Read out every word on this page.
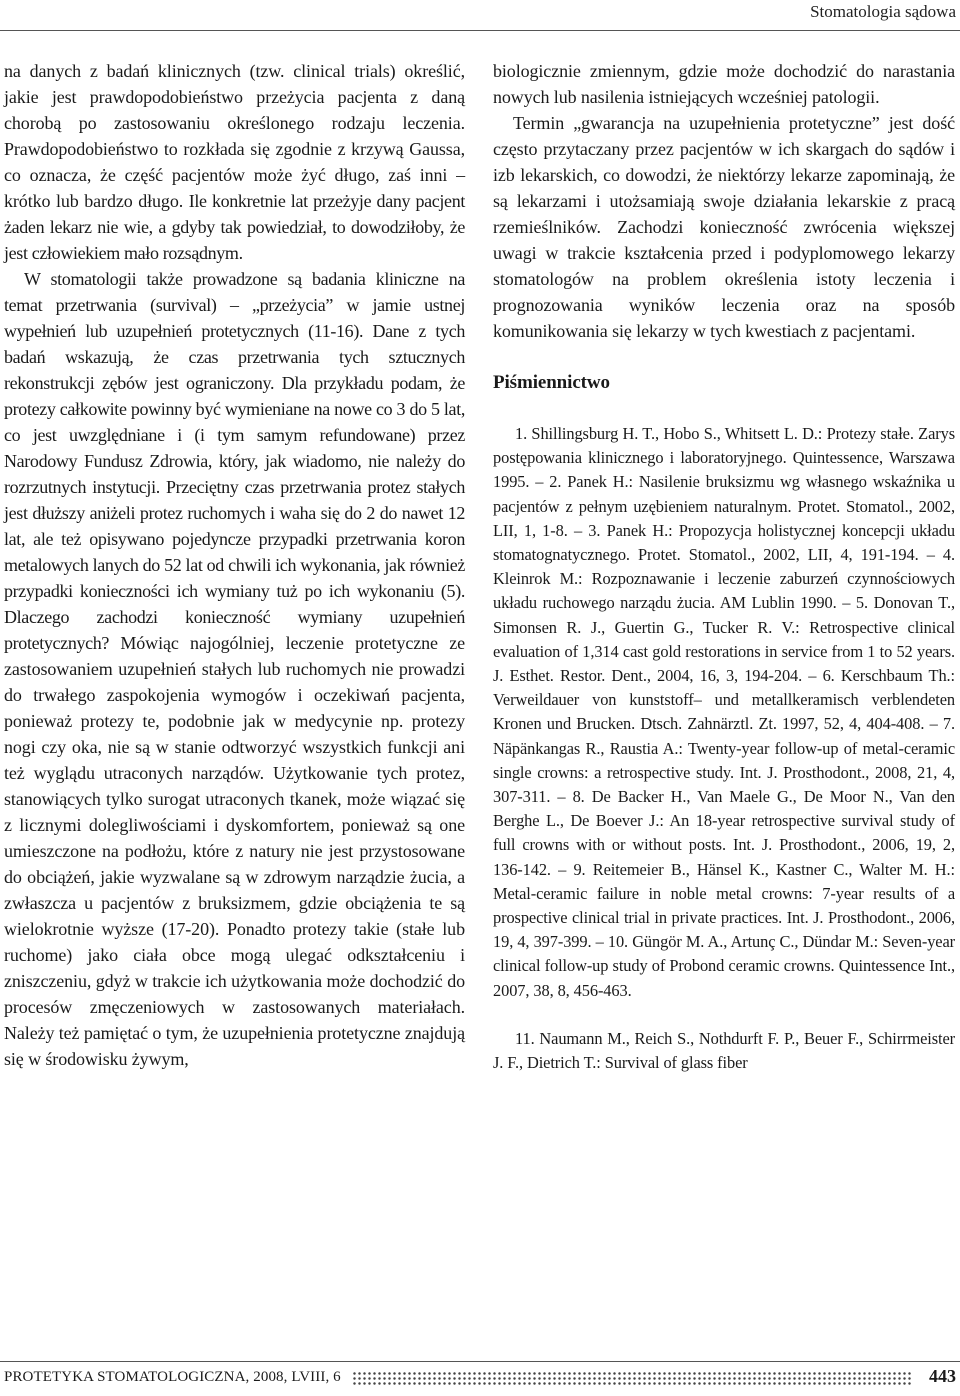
Stomatologia sądowa

na danych z badań klinicznych (tzw. clinical trials) określić, jakie jest prawdopodobieństwo przeżycia pacjenta z daną chorobą po zastosowaniu określonego rodzaju leczenia. Prawdopodobieństwo to rozkłada się zgodnie z krzywą Gaussa, co oznacza, że część pacjentów może żyć długo, zaś inni – krótko lub bardzo długo. Ile konkretnie lat przeżyje dany pacjent żaden lekarz nie wie, a gdyby tak powiedział, to dowodziłoby, że jest człowiekiem mało rozsądnym.

W stomatologii także prowadzone są badania kliniczne na temat przetrwania (survival) – „przeżycia” w jamie ustnej wypełnień lub uzupełnień protetycznych (11-16). Dane z tych badań wskazują, że czas przetrwania tych sztucznych rekonstrukcji zębów jest ograniczony. Dla przykładu podam, że protezy całkowite powinny być wymieniane na nowe co 3 do 5 lat, co jest uwzględniane i (i tym samym refundowane) przez Narodowy Fundusz Zdrowia, który, jak wiadomo, nie należy do rozrzutnych instytucji. Przeciętny czas przetrwania protez stałych jest dłuższy aniżeli protez ruchomych i waha się do 2 do nawet 12 lat, ale też opisywano pojedyncze przypadki przetrwania koron metalowych lanych do 52 lat od chwili ich wykonania, jak również przypadki konieczności ich wymiany tuż po ich wykonaniu (5). Dlaczego zachodzi konieczność wymiany uzupełnień protetycznych? Mówiąc najogólniej, leczenie protetyczne ze zastosowaniem uzupełnień stałych lub ruchomych nie prowadzi do trwałego zaspokojenia wymogów i oczekiwań pacjenta, ponieważ protezy te, podobnie jak w medycynie np. protezy nogi czy oka, nie są w stanie odtworzyć wszystkich funkcji ani też wyglądu utraconych narządów. Użytkowanie tych protez, stanowiących tylko surogat utraconych tkanek, może wiązać się z licznymi dolegliwościami i dyskomfortem, ponieważ są one umieszczone na podłożu, które z natury nie jest przystosowane do obciążeń, jakie wyzwalane są w zdrowym narządzie żucia, a zwłaszcza u pacjentów z bruksizmem, gdzie obciążenia te są wielokrotnie wyższe (17-20). Ponadto protezy takie (stałe lub ruchome) jako ciała obce mogą ulegać odkształceniu i zniszczeniu, gdyż w trakcie ich użytkowania może dochodzić do procesów zmęczeniowych w zastosowanych materiałach. Należy też pamiętać o tym, że uzupełnienia protetyczne znajdują się w środowisku żywym,

biologicznie zmiennym, gdzie może dochodzić do narastania nowych lub nasilenia istniejących wcześniej patologii.

Termin „gwarancja na uzupełnienia protetyczne” jest dość często przytaczany przez pacjentów w ich skargach do sądów i izb lekarskich, co dowodzi, że niektórzy lekarze zapominają, że są lekarzami i utożsamiają swoje działania lekarskie z pracą rzemieślników. Zachodzi konieczność zwrócenia większej uwagi w trakcie kształcenia przed i podyplomowego lekarzy stomatologów na problem określenia istoty leczenia i prognozowania wyników leczenia oraz na sposób komunikowania się lekarzy w tych kwestiach z pacjentami.

Piśmiennictwo

1. Shillingsburg H. T., Hobo S., Whitsett L. D.: Protezy stałe. Zarys postępowania klinicznego i laboratoryjnego. Quintessence, Warszawa 1995. – 2. Panek H.: Nasilenie bruksizmu wg własnego wskaźnika u pacjentów z pełnym uzębieniem naturalnym. Protet. Stomatol., 2002, LII, 1, 1-8. – 3. Panek H.: Propozycja holistycznej koncepcji układu stomatognatycznego. Protet. Stomatol., 2002, LII, 4, 191-194. – 4. Kleinrok M.: Rozpoznawanie i leczenie zaburzeń czynnościowych układu ruchowego narządu żucia. AM Lublin 1990. – 5. Donovan T., Simonsen R. J., Guertin G., Tucker R. V.: Retrospective clinical evaluation of 1,314 cast gold restorations in service from 1 to 52 years. J. Esthet. Restor. Dent., 2004, 16, 3, 194-204. – 6. Kerschbaum Th.: Verweildauer von kunststoff– und metallkeramisch verblendeten Kronen und Brucken. Dtsch. Zahnärztl. Zt. 1997, 52, 4, 404-408. – 7. Näpänkangas R., Raustia A.: Twenty-year follow-up of metal-ceramic single crowns: a retrospective study. Int. J. Prosthodont., 2008, 21, 4, 307-311. – 8. De Backer H., Van Maele G., De Moor N., Van den Berghe L., De Boever J.: An 18-year retrospective survival study of full crowns with or without posts. Int. J. Prosthodont., 2006, 19, 2, 136-142. – 9. Reitemeier B., Hänsel K., Kastner C., Walter M. H.: Metal-ceramic failure in noble metal crowns: 7-year results of a prospective clinical trial in private practices. Int. J. Prosthodont., 2006, 19, 4, 397-399. – 10. Güngör M. A., Artunç C., Dündar M.: Seven-year clinical follow-up study of Probond ceramic crowns. Quintessence Int., 2007, 38, 8, 456-463.

11. Naumann M., Reich S., Nothdurft F. P., Beuer F., Schirrmeister J. F., Dietrich T.: Survival of glass fiber

PROTETYKA STOMATOLOGICZNA, 2008, LVIII, 6	443
